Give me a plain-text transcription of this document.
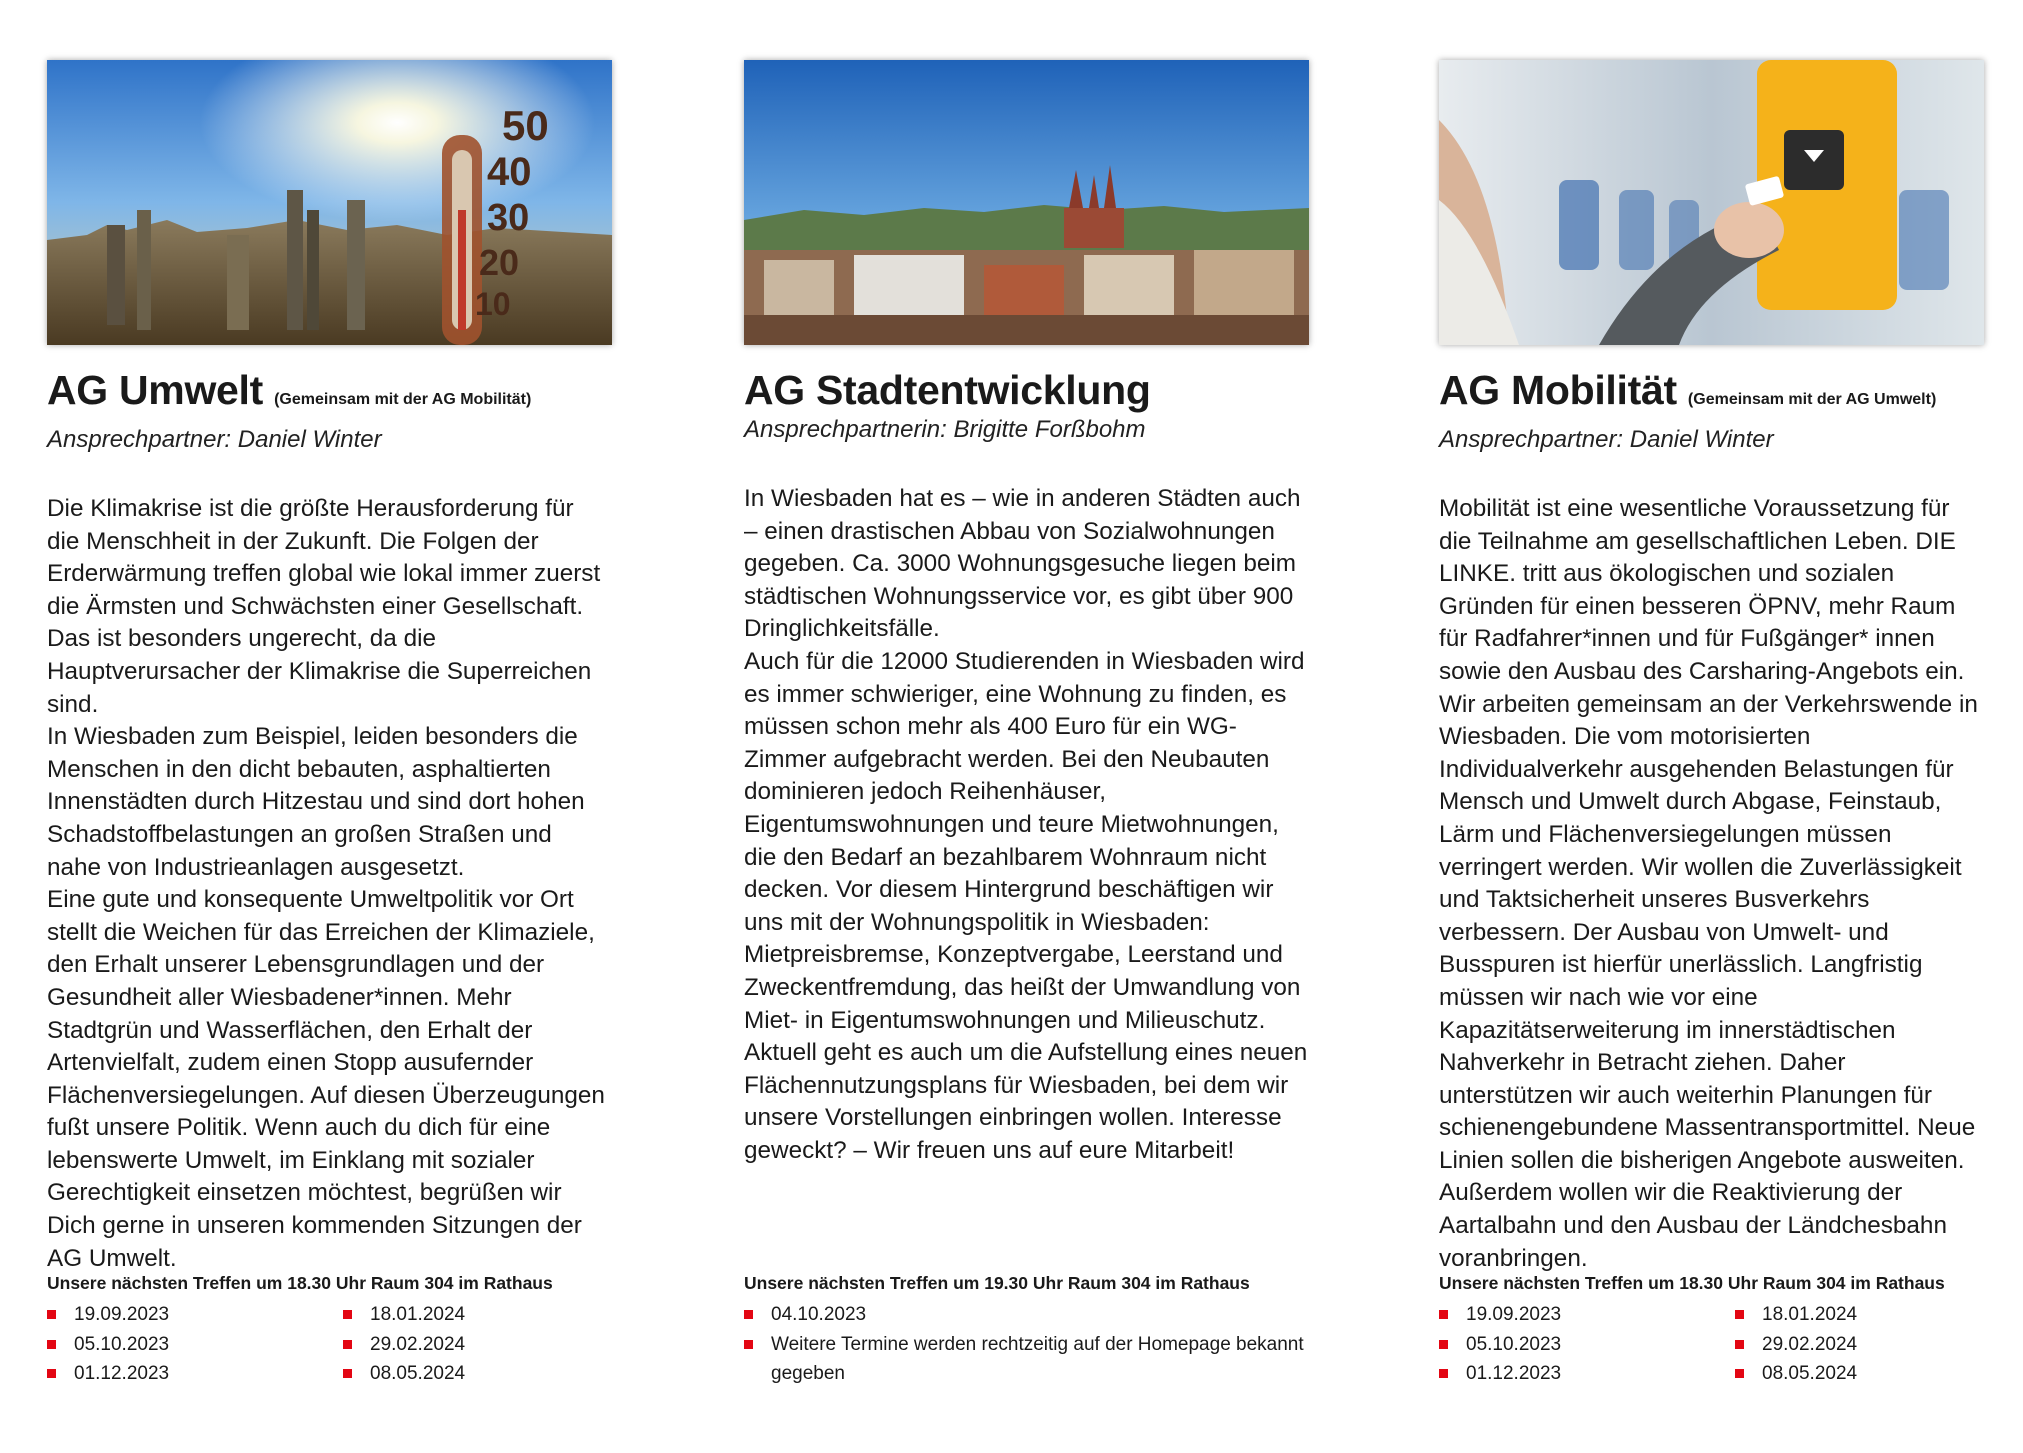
50
40
30
20
10
AG Umwelt (Gemeinsam mit der AG Mobilität)
Ansprechpartner: Daniel Winter

Die Klimakrise ist die größte Herausforderung für die Menschheit in der Zukunft. Die Folgen der Erderwärmung treffen global wie lokal immer zuerst die Ärmsten und Schwächsten einer Gesellschaft. Das ist besonders ungerecht, da die Hauptverursacher der Klimakrise die Superreichen sind.

In Wiesbaden zum Beispiel, leiden besonders die Menschen in den dicht bebauten, asphaltierten Innenstädten durch Hitzestau und sind dort hohen Schadstoffbelastungen an großen Straßen und nahe von Industrieanlagen ausgesetzt.

Eine gute und konsequente Umweltpolitik vor Ort stellt die Weichen für das Erreichen der Klimaziele, den Erhalt unserer Lebensgrundlagen und der Gesundheit aller Wiesbadener*innen. Mehr Stadtgrün und Wasserflächen, den Erhalt der Artenvielfalt, zudem einen Stopp ausufernder Flächenversiegelungen. Auf diesen Überzeugungen fußt unsere Politik. Wenn auch du dich für eine lebenswerte Umwelt, im Einklang mit sozialer Gerechtigkeit einsetzen möchtest, begrüßen wir Dich gerne in unseren kommenden Sitzungen der AG Umwelt.

AG Stadtentwicklung
Ansprechpartnerin: Brigitte Forßbohm

In Wiesbaden hat es – wie in anderen Städten auch – einen drastischen Abbau von Sozialwohnungen gegeben. Ca. 3000 Wohnungsgesuche liegen beim städtischen Wohnungsservice vor, es gibt über 900 Dringlichkeitsfälle.

Auch für die 12000 Studierenden in Wiesbaden wird es immer schwieriger, eine Wohnung zu finden, es müssen schon mehr als 400 Euro für ein WG-Zimmer aufgebracht werden. Bei den Neubauten dominieren jedoch Reihenhäuser, Eigentumswohnungen und teure Mietwohnungen, die den Bedarf an bezahlbarem Wohnraum nicht decken. Vor diesem Hintergrund beschäftigen wir uns mit der Wohnungspolitik in Wiesbaden: Mietpreisbremse, Konzeptvergabe, Leerstand und Zweckentfremdung, das heißt der Umwandlung von Miet- in Eigentumswohnungen und Milieuschutz. Aktuell geht es auch um die Aufstellung eines neuen Flächennutzungsplans für Wiesbaden, bei dem wir unsere Vorstellungen einbringen wollen. Interesse geweckt? – Wir freuen uns auf eure Mitarbeit!

AG Mobilität (Gemeinsam mit der AG Umwelt)
Ansprechpartner: Daniel Winter

Mobilität ist eine wesentliche Voraussetzung für die Teilnahme am gesellschaftlichen Leben. DIE LINKE. tritt aus ökologischen und sozialen Gründen für einen besseren ÖPNV, mehr Raum für Radfahrer*innen und für Fußgänger* innen sowie den Ausbau des Carsharing-Angebots ein. Wir arbeiten gemeinsam an der Verkehrswende in Wiesbaden. Die vom motorisierten Individualverkehr ausgehenden Belastungen für Mensch und Umwelt durch Abgase, Feinstaub, Lärm und Flächenversiegelungen müssen verringert werden. Wir wollen die Zuverlässigkeit und Taktsicherheit unseres Busverkehrs verbessern. Der Ausbau von Umwelt- und Busspuren ist hierfür unerlässlich. Langfristig müssen wir nach wie vor eine Kapazitätserweiterung im innerstädtischen Nahverkehr in Betracht ziehen. Daher unterstützen wir auch weiterhin Planungen für schienengebundene Massentransportmittel. Neue Linien sollen die bisherigen Angebote ausweiten. Außerdem wollen wir die Reaktivierung der Aartalbahn und den Ausbau der Ländchesbahn voranbringen.

Unsere nächsten Treffen um 18.30 Uhr Raum 304 im Rathaus
19.09.2023	18.01.2024
05.10.2023	29.02.2024
01.12.2023	08.05.2024
Unsere nächsten Treffen um 19.30 Uhr Raum 304 im Rathaus
04.10.2023
Weitere Termine werden rechtzeitig auf der Homepage bekannt gegeben
Unsere nächsten Treffen um 18.30 Uhr Raum 304 im Rathaus
19.09.2023	18.01.2024
05.10.2023	29.02.2024
01.12.2023	08.05.2024
